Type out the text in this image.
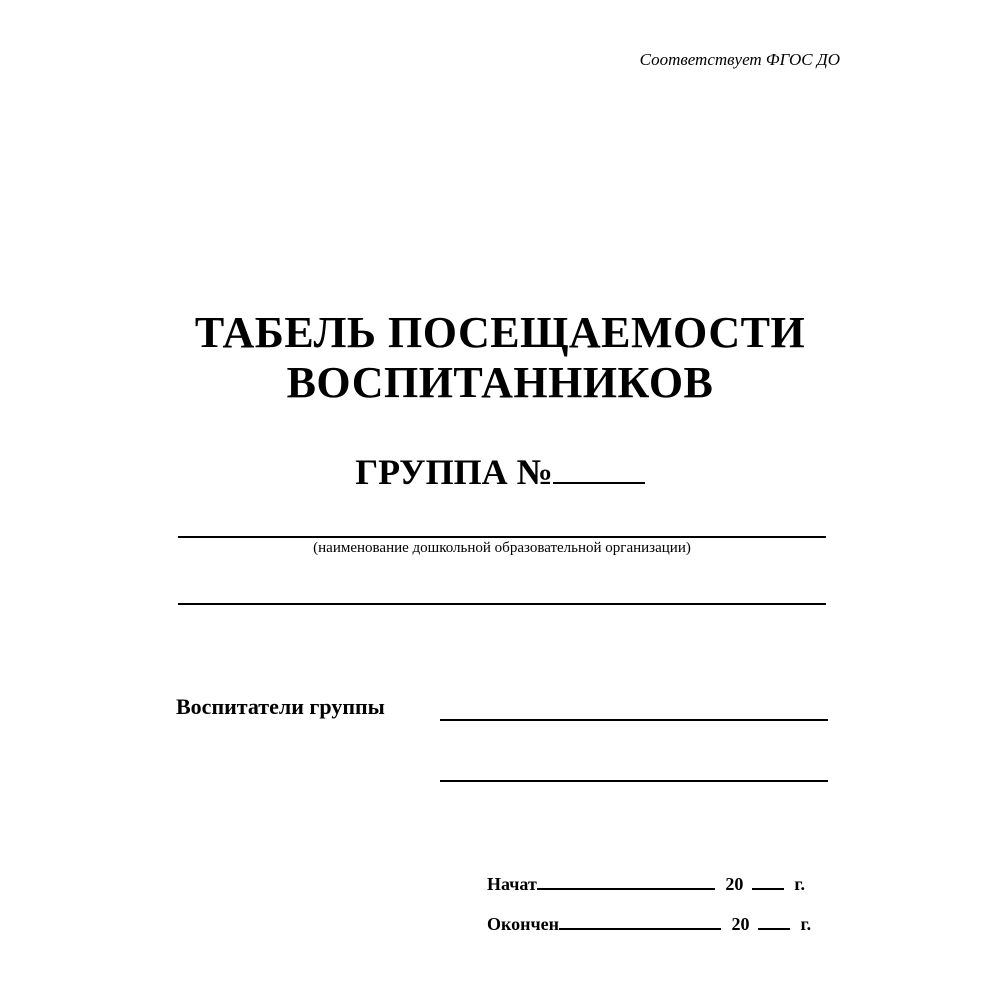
Соответствует ФГОС ДО
ТАБЕЛЬ ПОСЕЩАЕМОСТИ
ВОСПИТАННИКОВ
ГРУППА №
(наименование дошкольной образовательной организации)
Воспитатели группы
Начат	20	г.
Окончен	20	г.
